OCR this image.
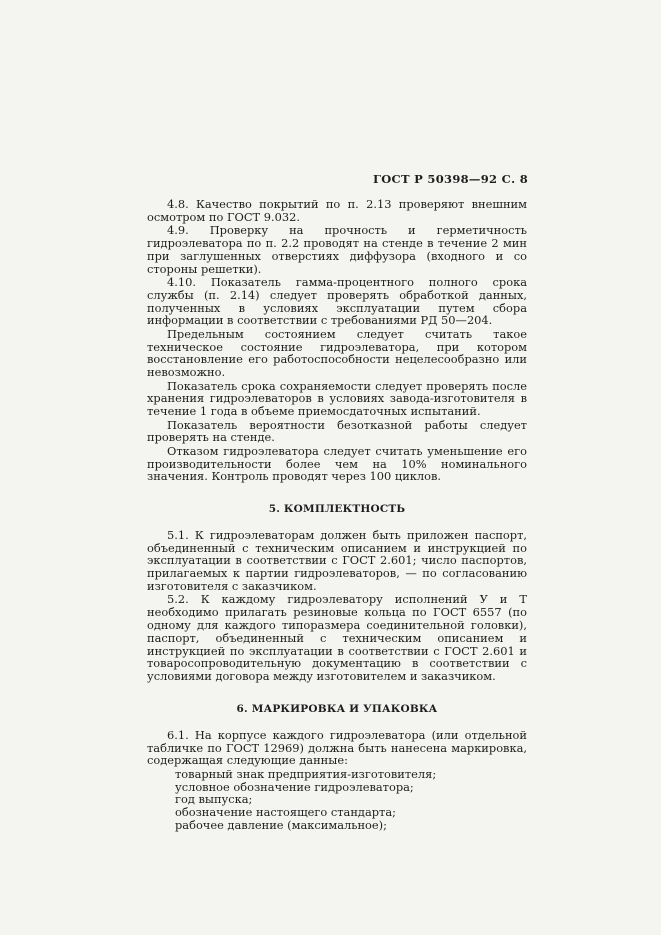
ГОСТ Р 50398—92 С. 8

4.8. Качество покрытий по п. 2.13 проверяют внешним осмотром по ГОСТ 9.032.

4.9. Проверку на прочность и герметичность гидроэлеватора по п. 2.2 проводят на стенде в течение 2 мин при заглушенных отверстиях диффузора (входного и со стороны решетки).

4.10. Показатель гамма-процентного полного срока службы (п. 2.14) следует проверять обработкой данных, полученных в условиях эксплуатации путем сбора информации в соответствии с требованиями РД 50—204.

Предельным состоянием следует считать такое техническое состояние гидроэлеватора, при котором восстановление его работоспособности нецелесообразно или невозможно.

Показатель срока сохраняемости следует проверять после хранения гидроэлеваторов в условиях завода-изготовителя в течение 1 года в объеме приемосдаточных испытаний.

Показатель вероятности безотказной работы следует проверять на стенде.

Отказом гидроэлеватора следует считать уменьшение его производительности более чем на 10% номинального значения. Контроль проводят через 100 циклов.

5. КОМПЛЕКТНОСТЬ

5.1. К гидроэлеваторам должен быть приложен паспорт, объединенный с техническим описанием и инструкцией по эксплуатации в соответствии с ГОСТ 2.601; число паспортов, прилагаемых к партии гидроэлеваторов, — по согласованию изготовителя с заказчиком.

5.2. К каждому гидроэлеватору исполнений У и Т необходимо прилагать резиновые кольца по ГОСТ 6557 (по одному для каждого типоразмера соединительной головки), паспорт, объединенный с техническим описанием и инструкцией по эксплуатации в соответствии с ГОСТ 2.601 и товаросопроводительную документацию в соответствии с условиями договора между изготовителем и заказчиком.

6. МАРКИРОВКА И УПАКОВКА

6.1. На корпусе каждого гидроэлеватора (или отдельной табличке по ГОСТ 12969) должна быть нанесена маркировка, содержащая следующие данные:

товарный знак предприятия-изготовителя;

условное обозначение гидроэлеватора;

год выпуска;

обозначение настоящего стандарта;

рабочее давление (максимальное);
